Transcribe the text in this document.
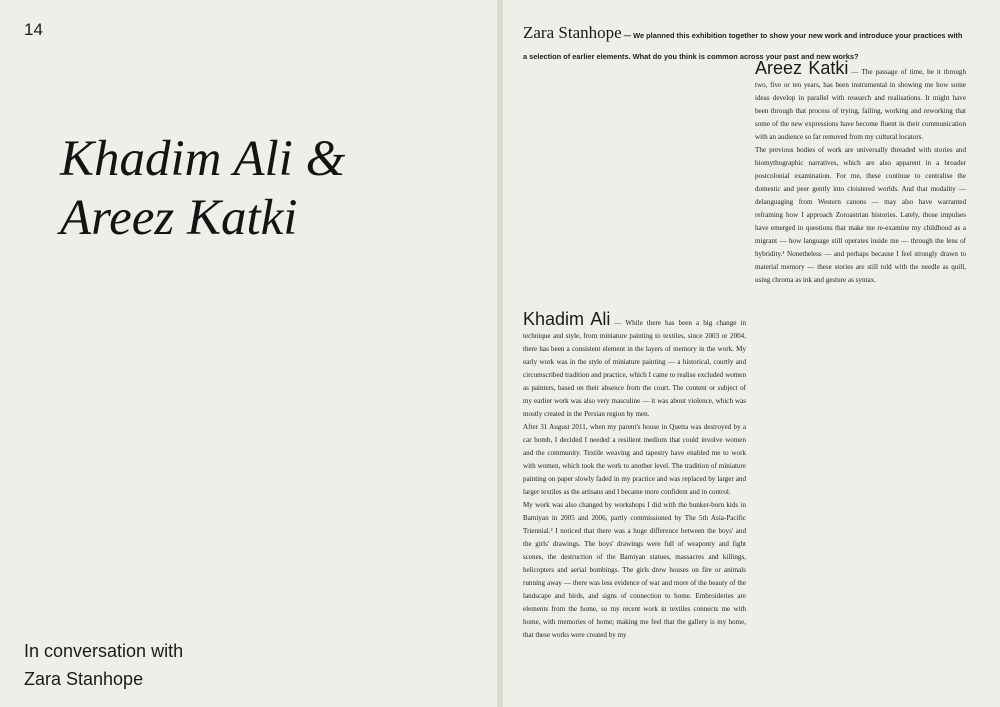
14
Khadim Ali &
Areez Katki
In conversation with
Zara Stanhope
Zara Stanhope — We planned this exhibition together to show your new work and introduce your practices with a selection of earlier elements. What do you think is common across your past and new works?

Areez Katki — The passage of time, be it through two, five or ten years, has been instrumental in showing me how some ideas develop in parallel with research and realisations. It might have been through that process of trying, failing, working and reworking that some of the new expressions have become fluent in their communication with an audience so far removed from my cultural locators.

The previous bodies of work are universally threaded with stories and biomythographic narratives, which are also apparent in a broader postcolonial examination. For me, these continue to centralise the domestic and peer gently into cloistered worlds. And that modality — delanguaging from Western canons — may also have warranted reframing how I approach Zoroastrian histories. Lately, those impulses have emerged in questions that make me re-examine my childhood as a migrant — how language still operates inside me — through the lens of hybridity.¹ Nonetheless — and perhaps because I feel strongly drawn to material memory — these stories are still told with the needle as quill, using chroma as ink and gesture as syntax.

Khadim Ali — While there has been a big change in technique and style, from miniature painting to textiles, since 2003 or 2004, there has been a consistent element in the layers of memory in the work. My early work was in the style of miniature painting — a historical, courtly and circumscribed tradition and practice, which I came to realise excluded women as painters, based on their absence from the court. The content or subject of my earlier work was also very masculine — it was about violence, which was mostly created in the Persian region by men.

After 31 August 2011, when my parent's house in Quetta was destroyed by a car bomb, I decided I needed a resilient medium that could involve women and the community. Textile weaving and tapestry have enabled me to work with women, which took the work to another level. The tradition of miniature painting on paper slowly faded in my practice and was replaced by larger and larger textiles as the artisans and I became more confident and in control.

My work was also changed by workshops I did with the bunker-born kids in Bamiyan in 2005 and 2006, partly commissioned by The 5th Asia-Pacific Triennial.² I noticed that there was a huge difference between the boys' and the girls' drawings. The boys' drawings were full of weaponry and fight scenes, the destruction of the Bamiyan statues, massacres and killings, helicopters and aerial bombings. The girls drew houses on fire or animals running away — there was less evidence of war and more of the beauty of the landscape and birds, and signs of connection to home. Embroideries are elements from the home, so my recent work in textiles connects me with home, with memories of home; making me feel that the gallery is my home, that these works were created by my
